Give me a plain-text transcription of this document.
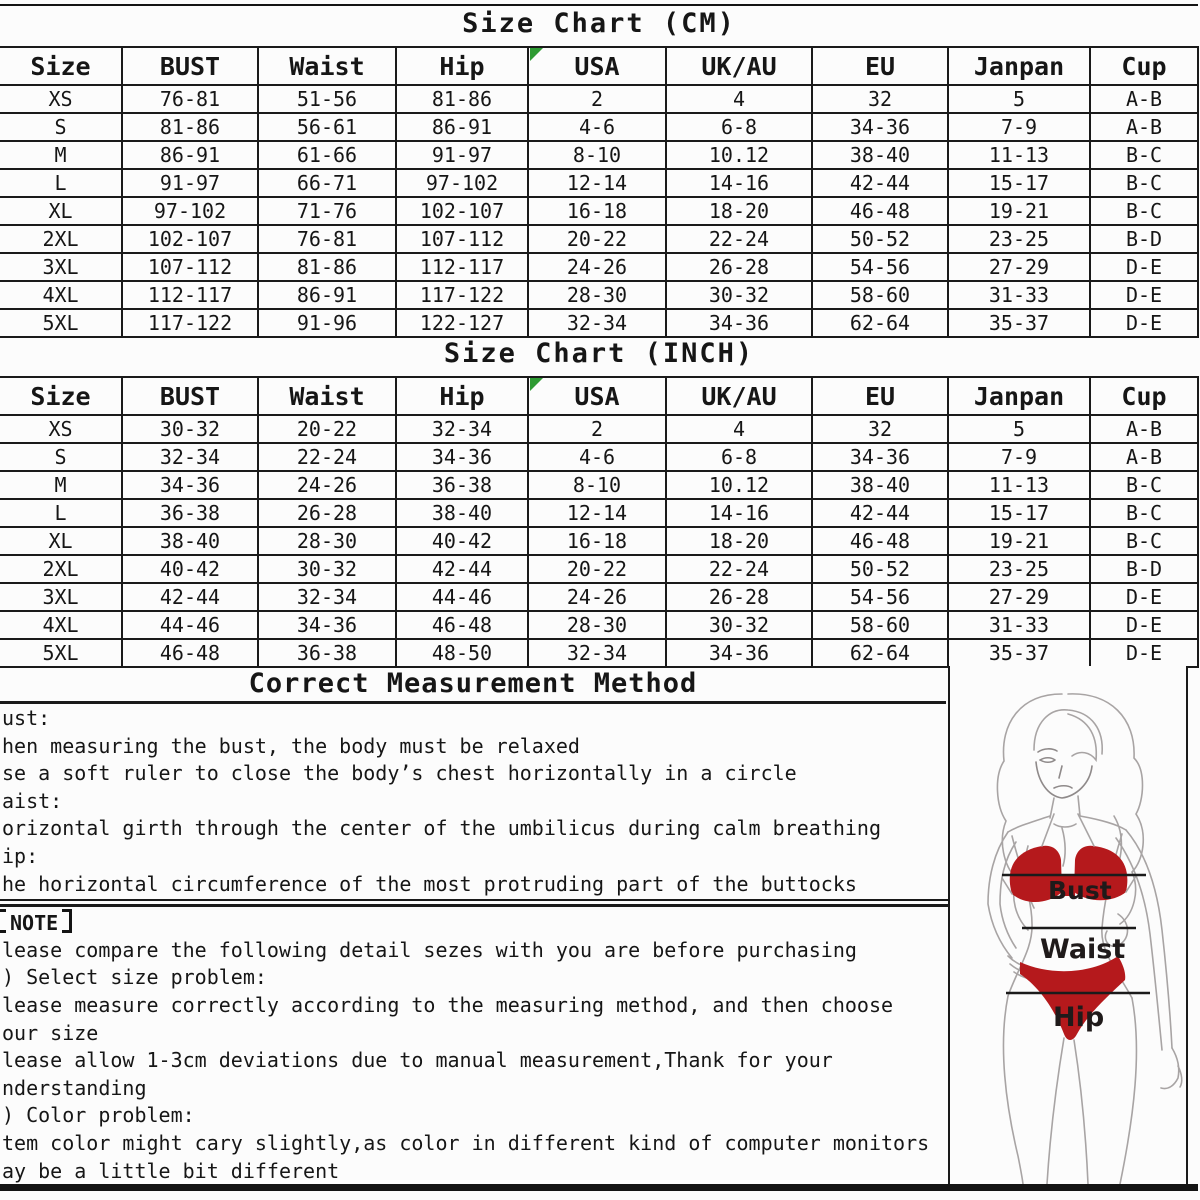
Size Chart (CM)
Size	BUST	Waist	Hip	USA	UK/AU	EU	Janpan	Cup
XS	76-81	51-56	81-86	2	4	32	5	A-B
S	81-86	56-61	86-91	4-6	6-8	34-36	7-9	A-B
M	86-91	61-66	91-97	8-10	10.12	38-40	11-13	B-C
L	91-97	66-71	97-102	12-14	14-16	42-44	15-17	B-C
XL	97-102	71-76	102-107	16-18	18-20	46-48	19-21	B-C
2XL	102-107	76-81	107-112	20-22	22-24	50-52	23-25	B-D
3XL	107-112	81-86	112-117	24-26	26-28	54-56	27-29	D-E
4XL	112-117	86-91	117-122	28-30	30-32	58-60	31-33	D-E
5XL	117-122	91-96	122-127	32-34	34-36	62-64	35-37	D-E
Size Chart (INCH)
Size	BUST	Waist	Hip	USA	UK/AU	EU	Janpan	Cup
XS	30-32	20-22	32-34	2	4	32	5	A-B
S	32-34	22-24	34-36	4-6	6-8	34-36	7-9	A-B
M	34-36	24-26	36-38	8-10	10.12	38-40	11-13	B-C
L	36-38	26-28	38-40	12-14	14-16	42-44	15-17	B-C
XL	38-40	28-30	40-42	16-18	18-20	46-48	19-21	B-C
2XL	40-42	30-32	42-44	20-22	22-24	50-52	23-25	B-D
3XL	42-44	32-34	44-46	24-26	26-28	54-56	27-29	D-E
4XL	44-46	34-36	46-48	28-30	30-32	58-60	31-33	D-E
5XL	46-48	36-38	48-50	32-34	34-36	62-64	35-37	D-E
Correct Measurement Method
ust:
hen measuring the bust, the body must be relaxed
se a soft ruler to close the body’s chest horizontally in a circle
aist:
orizontal girth through the center of the umbilicus during calm breathing
ip:
he horizontal circumference of the most protruding part of the buttocks
NOTE
lease compare the following detail sezes with you are before purchasing
) Select size problem:
lease measure correctly according to the measuring method, and then choose
our size
lease allow 1-3cm deviations due to manual measurement,Thank for your
nderstanding
) Color problem:
tem color might cary slightly,as color in different kind of computer monitors
ay be a little bit different
Bust
Waist
Hip
